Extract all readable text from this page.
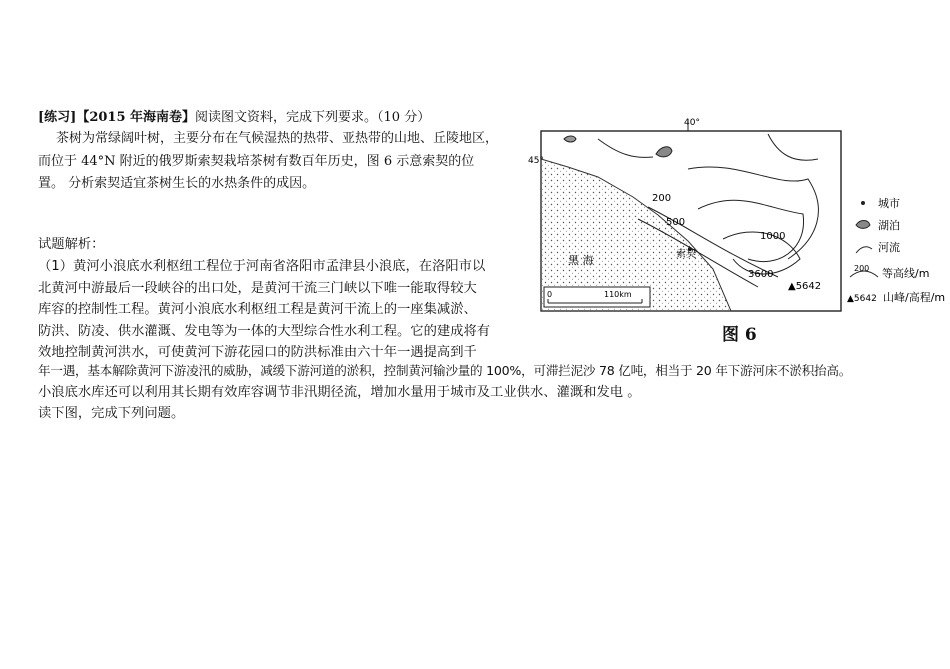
[练习]【2015 年海南卷】阅读图文资料，完成下列要求。（10 分）
茶树为常绿阔叶树，主要分布在气候湿热的热带、亚热带的山地、丘陵地区，
而位于 44°N 附近的俄罗斯索契栽培茶树有数百年历史，图 6 示意索契的位
置。 分析索契适宜茶树生长的水热条件的成因。
试题解析：
（1）黄河小浪底水利枢纽工程位于河南省洛阳市孟津县小浪底，在洛阳市以
北黄河中游最后一段峡谷的出口处，是黄河干流三门峡以下唯一能取得较大
库容的控制性工程。黄河小浪底水利枢纽工程是黄河干流上的一座集减淤、
防洪、防凌、供水灌溉、发电等为一体的大型综合性水利工程。它的建成将有
效地控制黄河洪水，可使黄河下游花园口的防洪标准由六十年一遇提高到千
年一遇，基本解除黄河下游凌汛的威胁，减缓下游河道的淤积，控制黄河输沙量的 100%，可滞拦泥沙 78 亿吨，相当于 20 年下游河床不淤积抬高。
小浪底水库还可以利用其长期有效库容调节非汛期径流，增加水量用于城市及工业供水、灌溉和发电 。
读下图，完成下列问题。
40°
45°
黑 海	索契
200
500
1000
3600
▲5642
0	110km
城市
湖泊
河流
200 等高线/m
▲5642 山峰/高程/m
图 6
